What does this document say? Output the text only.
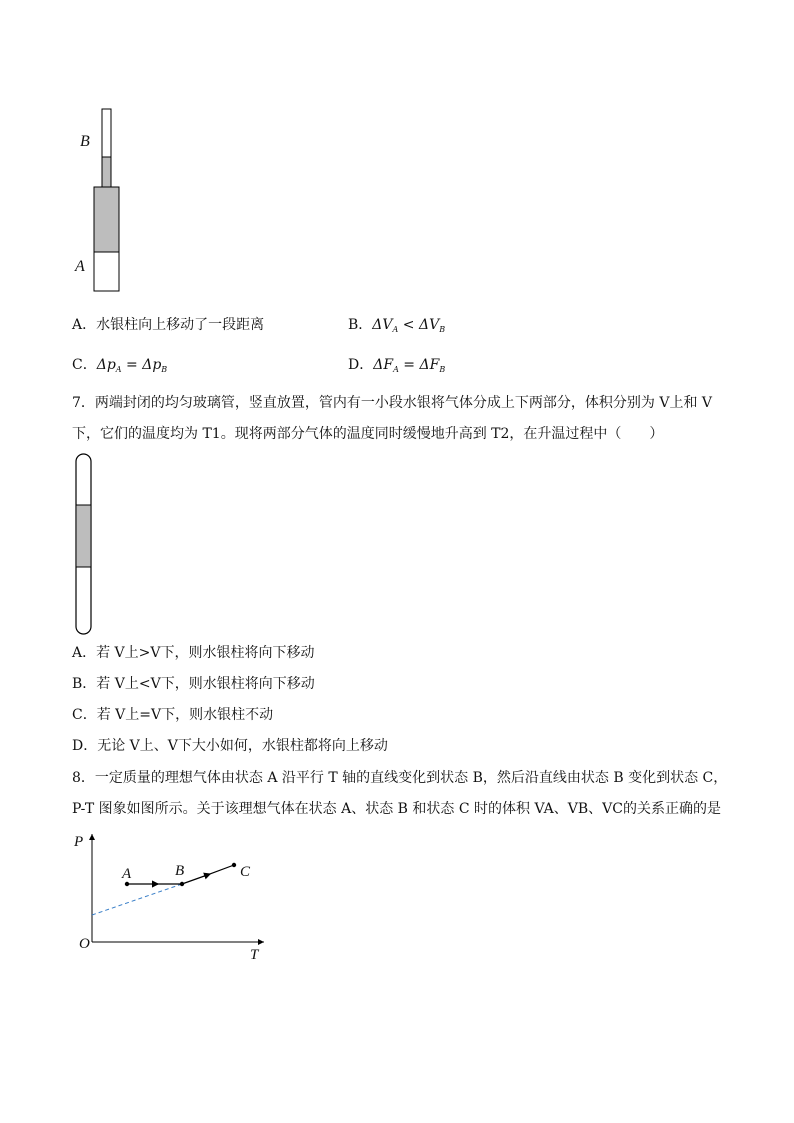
B
A
A．水银柱向上移动了一段距离	B．$\Delta V_A < \Delta V_B$
C．$\Delta p_A = \Delta p_B$	D．$\Delta F_A = \Delta F_B$
7．两端封闭的均匀玻璃管，竖直放置，管内有一小段水银将气体分成上下两部分，体积分别为 V上和 V
下，它们的温度均为 T1。现将两部分气体的温度同时缓慢地升高到 T2，在升温过程中（　　）
A．若 V上>V下，则水银柱将向下移动
B．若 V上<V下，则水银柱将向下移动
C．若 V上=V下，则水银柱不动
D．无论 V上、V下大小如何，水银柱都将向上移动
8．一定质量的理想气体由状态 A 沿平行 T 轴的直线变化到状态 B，然后沿直线由状态 B 变化到状态 C，
P-T 图象如图所示。关于该理想气体在状态 A、状态 B 和状态 C 时的体积 VA、VB、VC的关系正确的是
P
T
O
A	B	C
